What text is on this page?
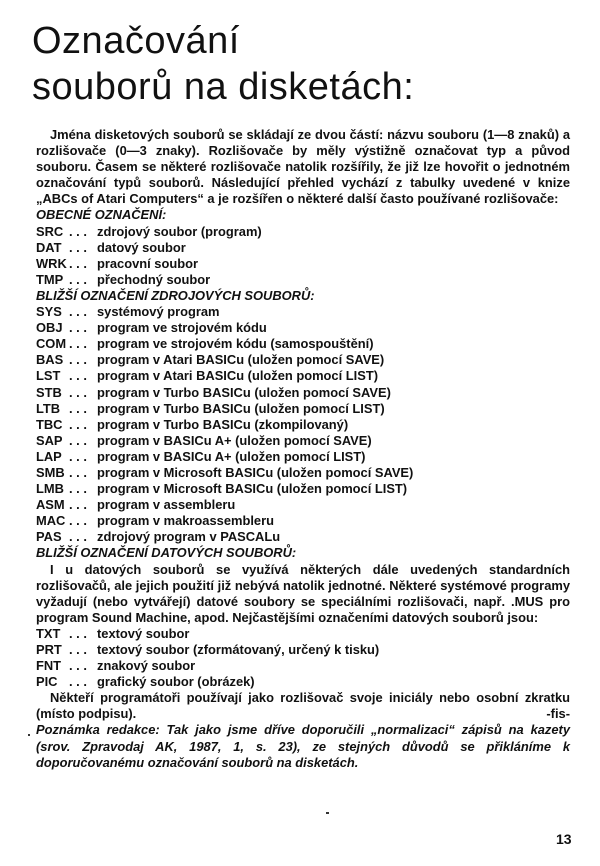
Označování
souborů na disketách:

Jména disketových souborů se skládají ze dvou částí: názvu souboru (1—8 znaků) a rozlišovače (0—3 znaky). Rozlišovače by měly výstižně označovat typ a původ souboru. Časem se některé rozlišovače natolik rozšířily, že již lze hovořit o jednotném označování typů souborů. Následující přehled vychází z tabulky uvedené v knize „ABCs of Atari Computers“ a je rozšířen o některé další často používané rozlišovače:

OBECNÉ OZNAČENÍ:

SRC . . . zdrojový soubor (program)
DAT . . . datový soubor
WRK . . . pracovní soubor
TMP . . . přechodný soubor

BLIŽŠÍ OZNAČENÍ ZDROJOVÝCH SOUBORŮ:

SYS . . . systémový program
OBJ . . . program ve strojovém kódu
COM . . . program ve strojovém kódu (samospouštění)
BAS . . . program v Atari BASICu (uložen pomocí SAVE)
LST . . . program v Atari BASICu (uložen pomocí LIST)
STB . . . program v Turbo BASICu (uložen pomocí SAVE)
LTB . . . program v Turbo BASICu (uložen pomocí LIST)
TBC . . . program v Turbo BASICu (zkompilovaný)
SAP . . . program v BASICu A+ (uložen pomocí SAVE)
LAP . . . program v BASICu A+ (uložen pomocí LIST)
SMB . . . program v Microsoft BASICu (uložen pomocí SAVE)
LMB . . . program v Microsoft BASICu (uložen pomocí LIST)
ASM . . . program v assembleru
MAC . . . program v makroassembleru
PAS . . . zdrojový program v PASCALu

BLIŽŠÍ OZNAČENÍ DATOVÝCH SOUBORŮ:

I u datových souborů se využívá některých dále uvedených standardních rozlišovačů, ale jejich použití již nebývá natolik jednotné. Některé systémové programy vyžadují (nebo vytvářejí) datové soubory se speciálními rozlišovači, např. .MUS pro program Sound Machine, apod. Nejčastějšími označeními datových souborů jsou:

TXT . . . textový soubor
PRT . . . textový soubor (zformátovaný, určený k tisku)
FNT . . . znakový soubor
PIC . . . grafický soubor (obrázek)

Někteří programátoři používají jako rozlišovač svoje iniciály nebo osobní zkratku (místo podpisu).	-fis-

Poznámka redakce: Tak jako jsme dříve doporučili „normalizaci“ zápisů na kazety (srov. Zpravodaj AK, 1987, 1, s. 23), ze stejných důvodů se přikláníme k doporučovanému označování souborů na disketách.

13
